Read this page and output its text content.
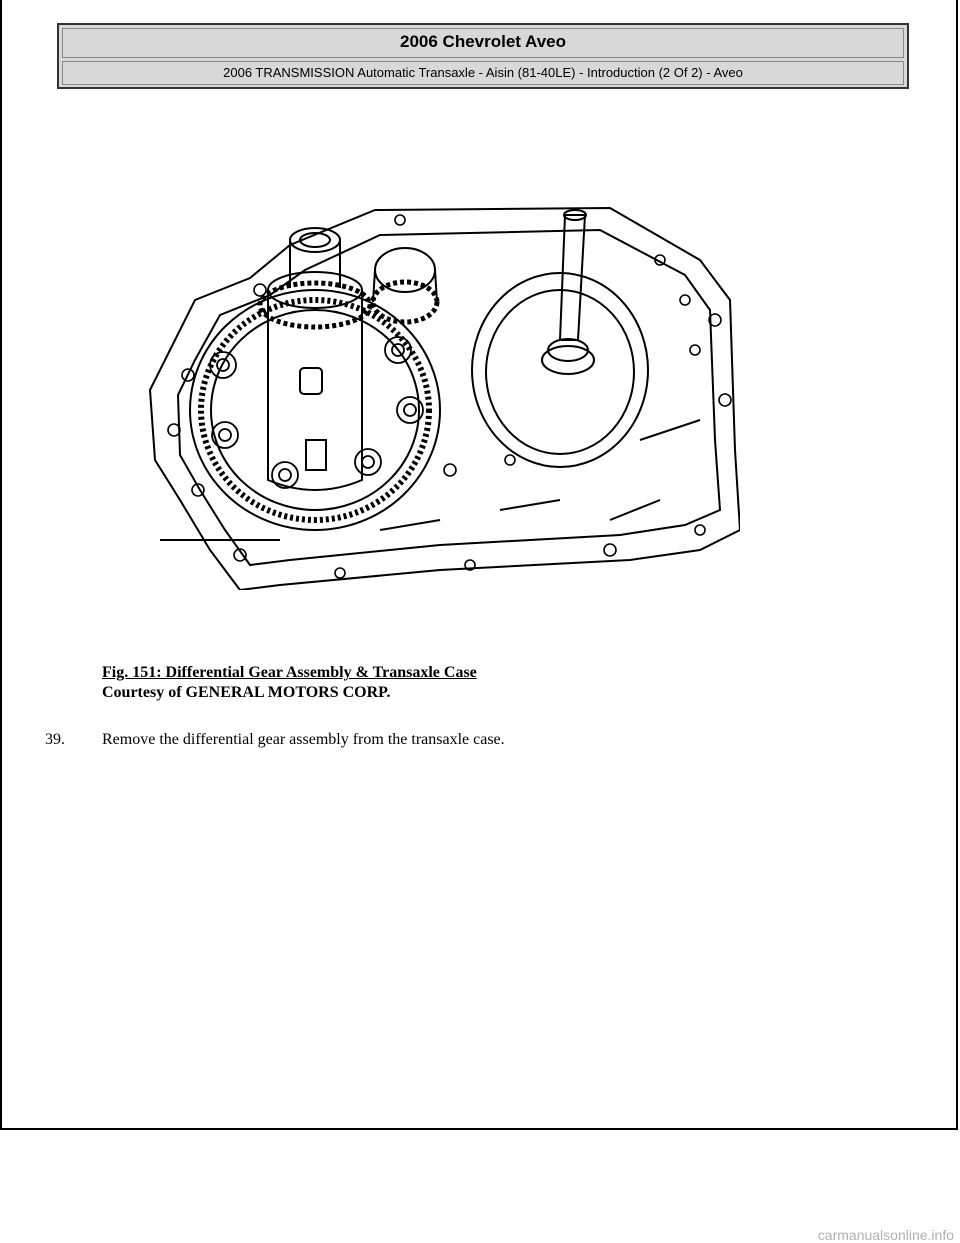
2006 Chevrolet Aveo
2006 TRANSMISSION Automatic Transaxle - Aisin (81-40LE) - Introduction (2 Of 2) - Aveo
Fig. 151: Differential Gear Assembly & Transaxle Case
Courtesy of GENERAL MOTORS CORP.
39. Remove the differential gear assembly from the transaxle case.
carmanualsonline.info
